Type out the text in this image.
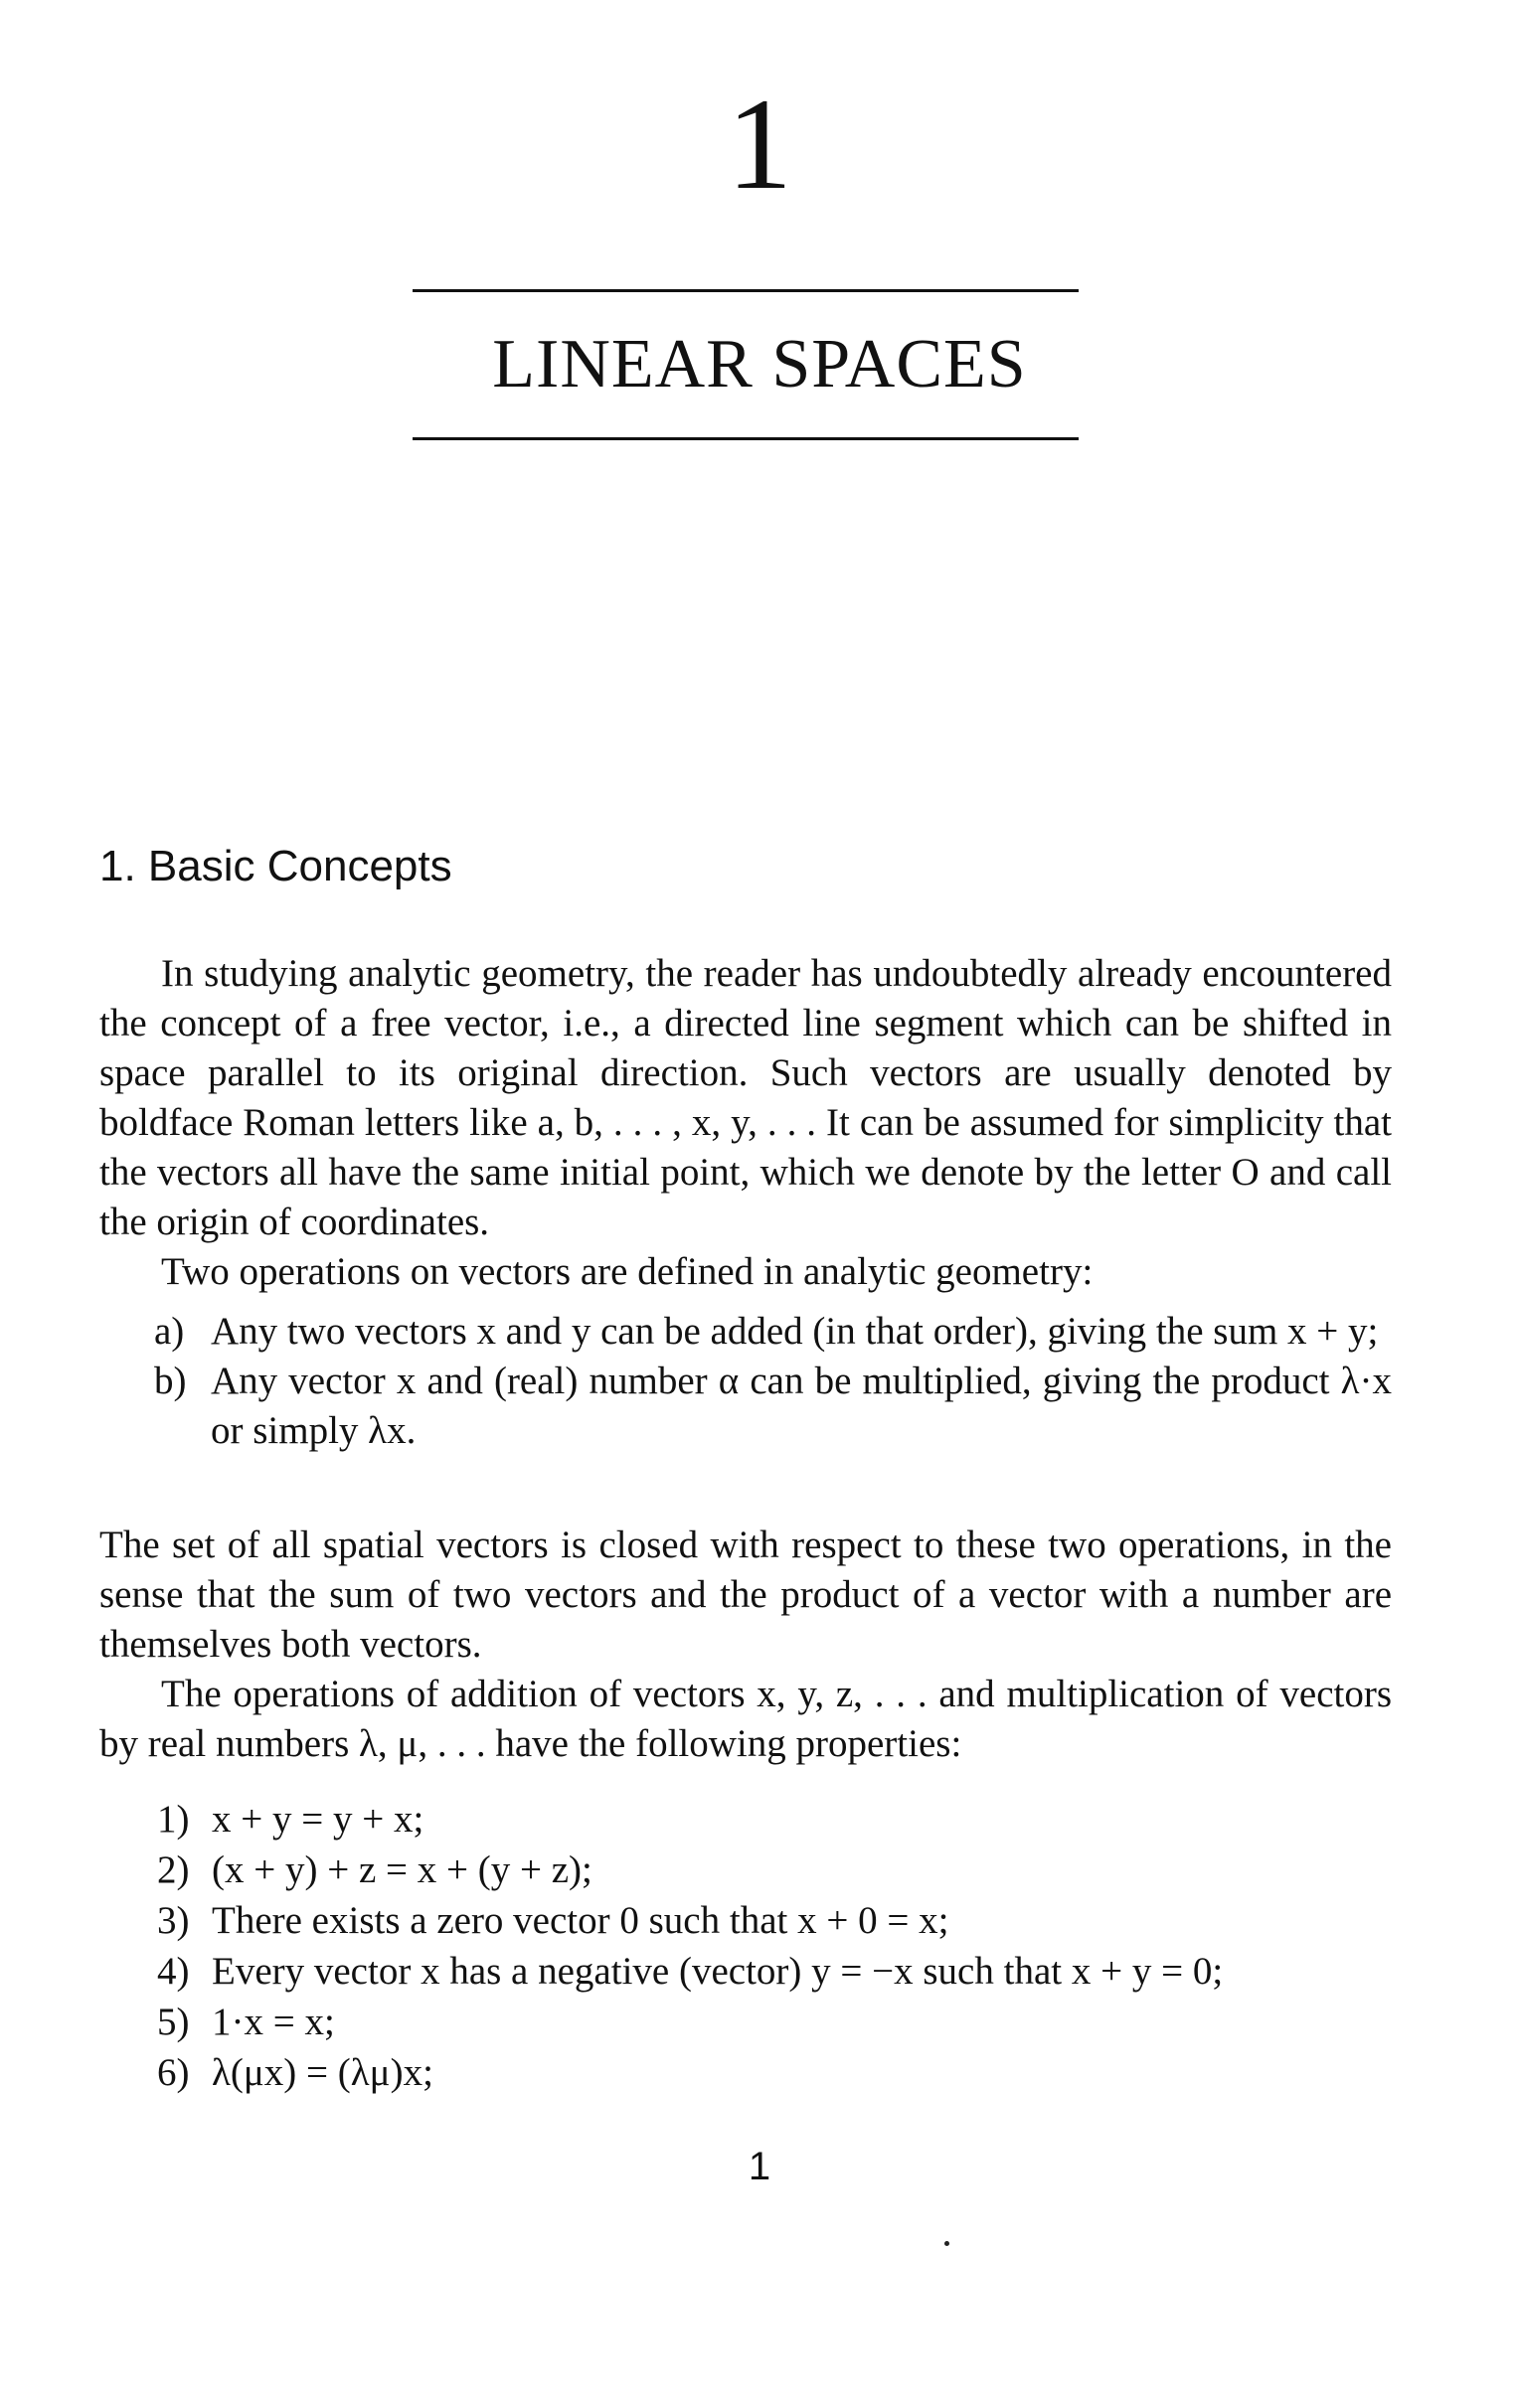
1
LINEAR SPACES
1. Basic Concepts

In studying analytic geometry, the reader has undoubtedly already encountered the concept of a free vector, i.e., a directed line segment which can be shifted in space parallel to its original direction. Such vectors are usually denoted by boldface Roman letters like a, b, . . . , x, y, . . . It can be assumed for simplicity that the vectors all have the same initial point, which we denote by the letter O and call the origin of coordinates.

Two operations on vectors are defined in analytic geometry:

a) Any two vectors x and y can be added (in that order), giving the sum x + y;
b) Any vector x and (real) number α can be multiplied, giving the product λ·x or simply λx.

The set of all spatial vectors is closed with respect to these two operations, in the sense that the sum of two vectors and the product of a vector with a number are themselves both vectors.

The operations of addition of vectors x, y, z, . . . and multiplication of vectors by real numbers λ, μ, . . . have the following properties:

1) x + y = y + x;
2) (x + y) + z = x + (y + z);
3) There exists a zero vector 0 such that x + 0 = x;
4) Every vector x has a negative (vector) y = −x such that x + y = 0;
5) 1·x = x;
6) λ(μx) = (λμ)x;
1
